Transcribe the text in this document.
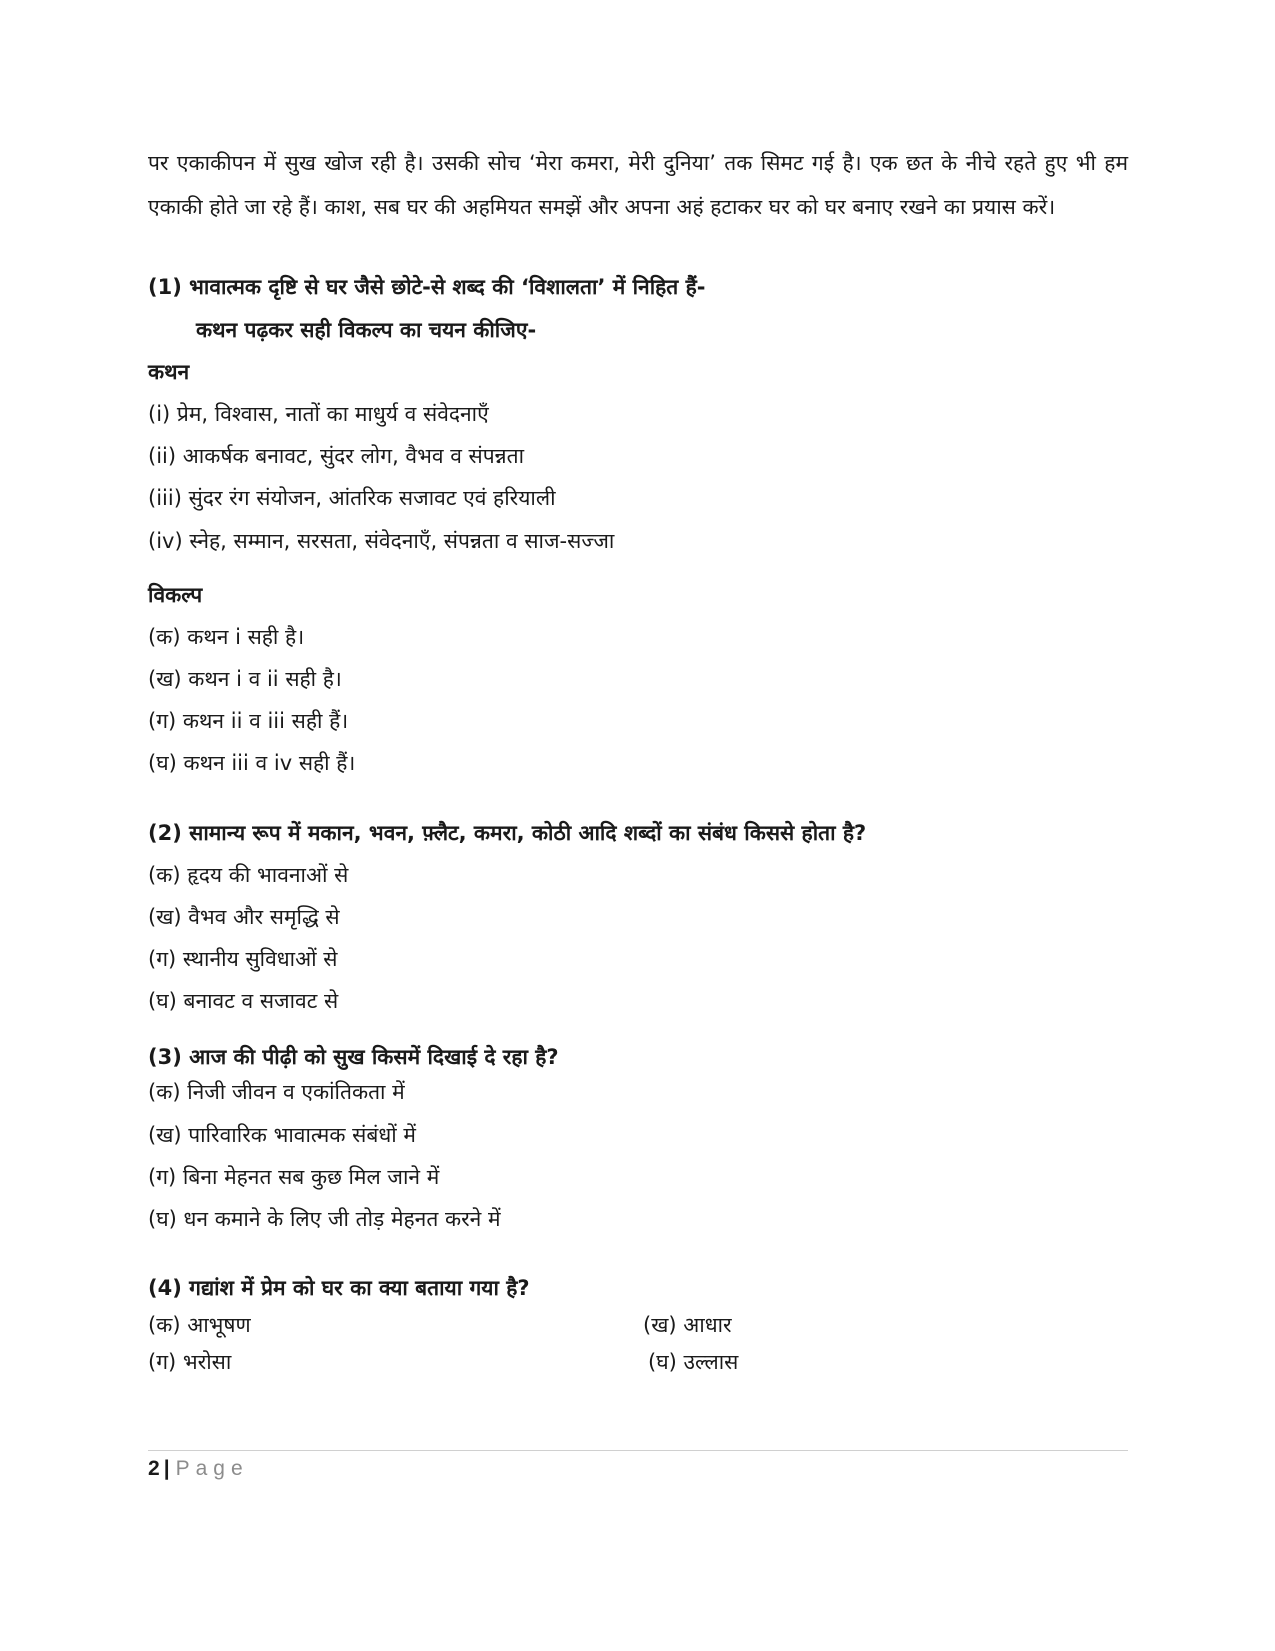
पर एकाकीपन में सुख खोज रही है। उसकी सोच ‘मेरा कमरा, मेरी दुनिया’ तक सिमट गई है। एक छत के नीचे रहते हुए भी हम एकाकी होते जा रहे हैं। काश, सब घर की अहमियत समझें और अपना अहं हटाकर घर को घर बनाए रखने का प्रयास करें।
(1) भावात्मक दृष्टि से घर जैसे छोटे-से शब्द की ‘विशालता’ में निहित हैं-
कथन पढ़कर सही विकल्प का चयन कीजिए-
कथन
(i) प्रेम, विश्वास, नातों का माधुर्य व संवेदनाएँ
(ii) आकर्षक बनावट, सुंदर लोग, वैभव व संपन्नता
(iii) सुंदर रंग संयोजन, आंतरिक सजावट एवं हरियाली
(iv) स्नेह, सम्मान, सरसता, संवेदनाएँ, संपन्नता व साज-सज्जा
विकल्प
(क) कथन i सही है।
(ख) कथन i व ii सही है।
(ग) कथन ii व iii सही हैं।
(घ) कथन iii व iv सही हैं।
(2) सामान्य रूप में मकान, भवन, फ़्लैट, कमरा, कोठी आदि शब्दों का संबंध किससे होता है?
(क) हृदय की भावनाओं से
(ख) वैभव और समृद्धि से
(ग) स्थानीय सुविधाओं से
(घ) बनावट व सजावट से
(3) आज की पीढ़ी को सुख किसमें दिखाई दे रहा है?
(क) निजी जीवन व एकांतिकता में
(ख) पारिवारिक भावात्मक संबंधों में
(ग) बिना मेहनत सब कुछ मिल जाने में
(घ) धन कमाने के लिए जी तोड़ मेहनत करने में
(4) गद्यांश में प्रेम को घर का क्या बताया गया है?
(क) आभूषण	(ख) आधार
(ग) भरोसा	(घ) उल्लास
2 | Page
